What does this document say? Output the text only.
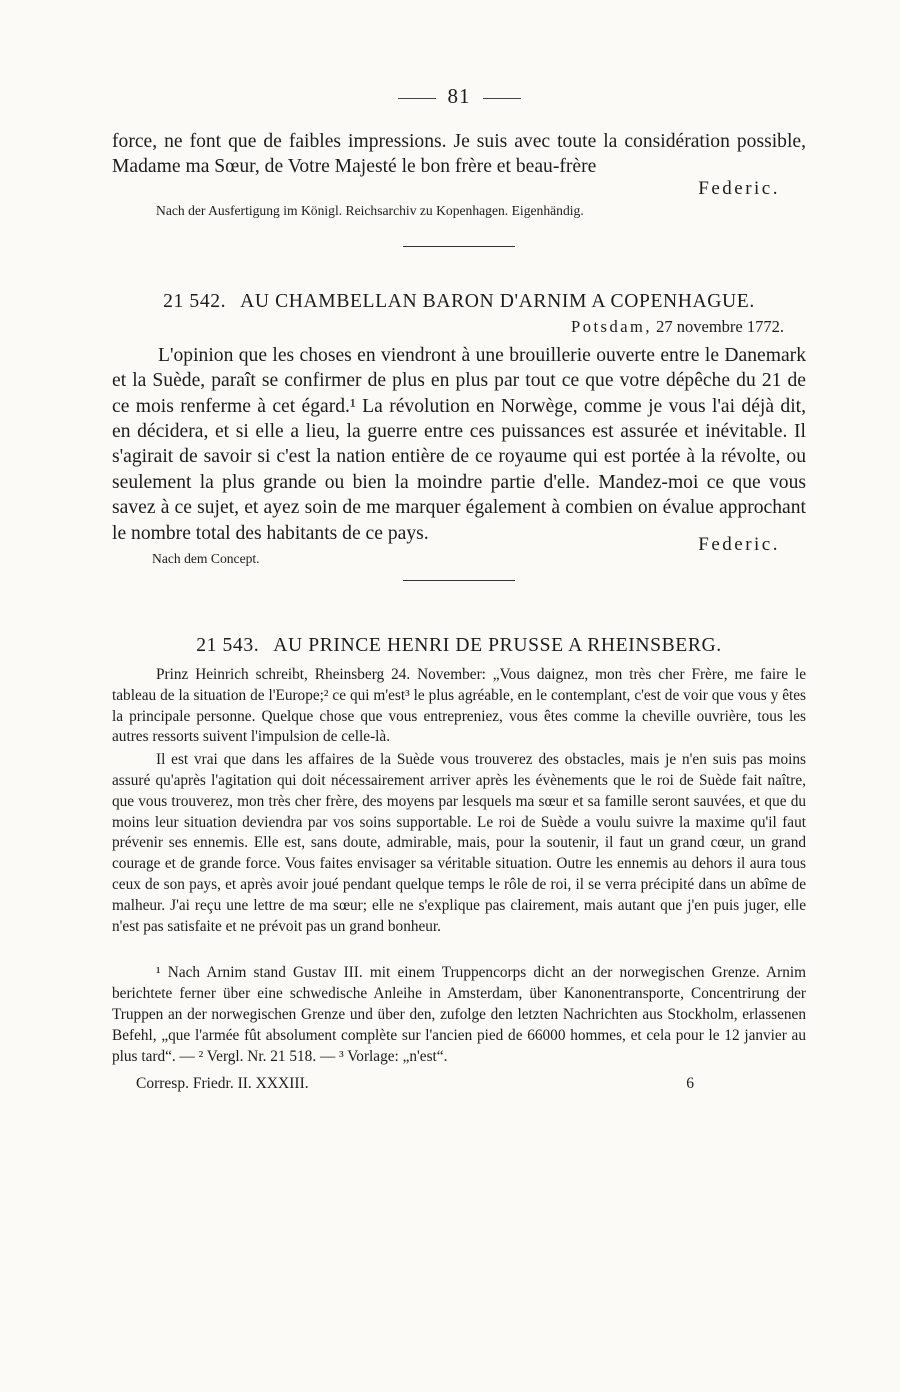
81

force, ne font que de faibles impressions. Je suis avec toute la considération possible, Madame ma Sœur, de Votre Majesté le bon frère et beau-frère

Federic.
Nach der Ausfertigung im Königl. Reichsarchiv zu Kopenhagen. Eigenhändig.
21 542. AU CHAMBELLAN BARON D'ARNIM A COPENHAGUE.
Potsdam, 27 novembre 1772.

L'opinion que les choses en viendront à une brouillerie ouverte entre le Danemark et la Suède, paraît se confirmer de plus en plus par tout ce que votre dépêche du 21 de ce mois renferme à cet égard.¹ La révolution en Norwège, comme je vous l'ai déjà dit, en décidera, et si elle a lieu, la guerre entre ces puissances est assurée et inévitable. Il s'agirait de savoir si c'est la nation entière de ce royaume qui est portée à la révolte, ou seulement la plus grande ou bien la moindre partie d'elle. Mandez-moi ce que vous savez à ce sujet, et ayez soin de me marquer également à combien on évalue approchant le nombre total des habitants de ce pays.

Nach dem Concept.
Federic.
21 543. AU PRINCE HENRI DE PRUSSE A RHEINSBERG.

Prinz Heinrich schreibt, Rheinsberg 24. November: „Vous daignez, mon très cher Frère, me faire le tableau de la situation de l'Europe;² ce qui m'est³ le plus agréable, en le contemplant, c'est de voir que vous y êtes la principale personne. Quelque chose que vous entrepreniez, vous êtes comme la cheville ouvrière, tous les autres ressorts suivent l'impulsion de celle-là.

Il est vrai que dans les affaires de la Suède vous trouverez des obstacles, mais je n'en suis pas moins assuré qu'après l'agitation qui doit nécessairement arriver après les évènements que le roi de Suède fait naître, que vous trouverez, mon très cher frère, des moyens par lesquels ma sœur et sa famille seront sauvées, et que du moins leur situation deviendra par vos soins supportable. Le roi de Suède a voulu suivre la maxime qu'il faut prévenir ses ennemis. Elle est, sans doute, admirable, mais, pour la soutenir, il faut un grand cœur, un grand courage et de grande force. Vous faites envisager sa véritable situation. Outre les ennemis au dehors il aura tous ceux de son pays, et après avoir joué pendant quelque temps le rôle de roi, il se verra précipité dans un abîme de malheur. J'ai reçu une lettre de ma sœur; elle ne s'explique pas clairement, mais autant que j'en puis juger, elle n'est pas satisfaite et ne prévoit pas un grand bonheur.

¹ Nach Arnim stand Gustav III. mit einem Truppencorps dicht an der norwegischen Grenze. Arnim berichtete ferner über eine schwedische Anleihe in Amsterdam, über Kanonentransporte, Concentrirung der Truppen an der norwegischen Grenze und über den, zufolge den letzten Nachrichten aus Stockholm, erlassenen Befehl, „que l'armée fût absolument complète sur l'ancien pied de 66000 hommes, et cela pour le 12 janvier au plus tard“. — ² Vergl. Nr. 21 518. — ³ Vorlage: „n'est“.

Corresp. Friedr. II. XXXIII.	6
